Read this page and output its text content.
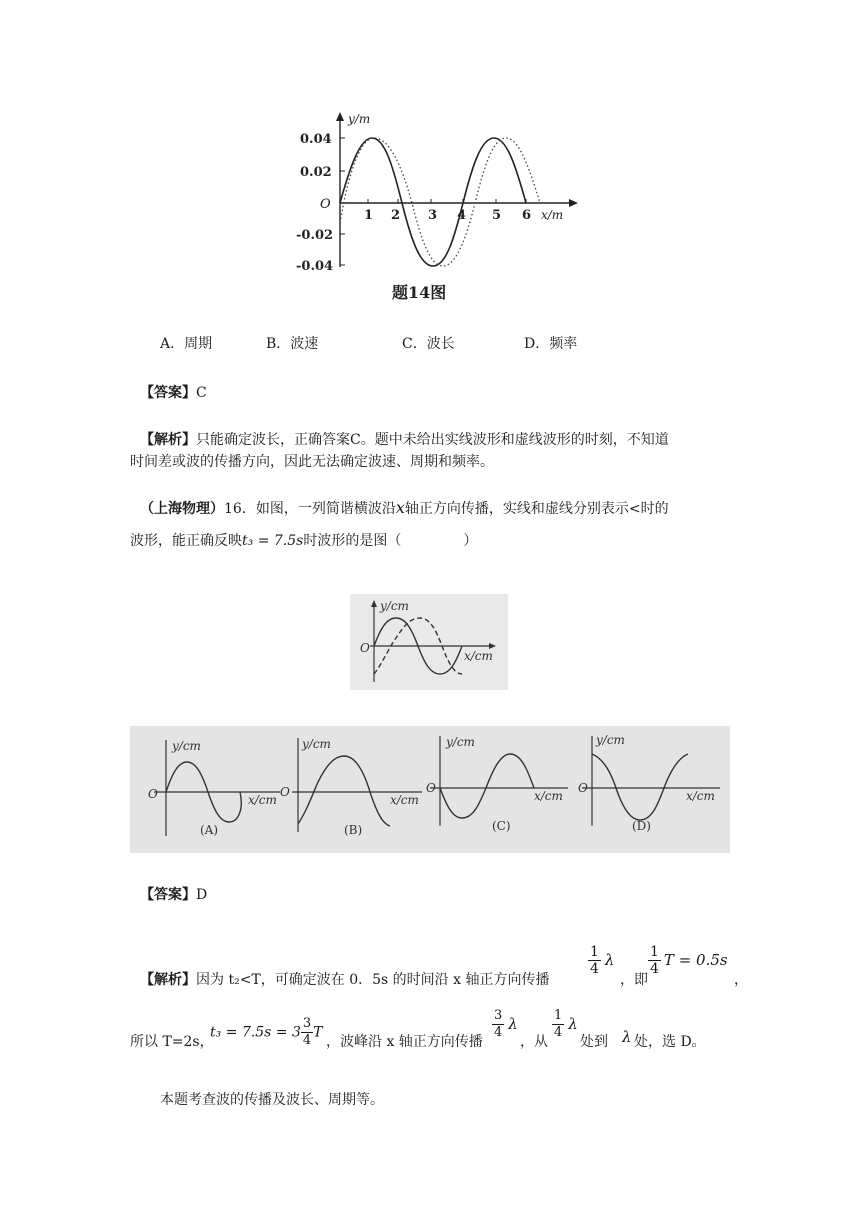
y/m
x/m
O
0.04
0.02
-0.02
-0.04
1 2 3 4 5 6
题14图
A．周期	B．波速	C．波长	D．频率
【答案】C
【解析】只能确定波长，正确答案C。题中未给出实线波形和虚线波形的时刻，不知道
时间差或波的传播方向，因此无法确定波速、周期和频率。
（上海物理）16．如图，一列简谐横波沿x轴正方向传播，实线和虚线分别表示<时的
波形，能正确反映t₃ = 7.5s时波形的是图（	）
y/cm
x/cm
O
y/cm
x/cm
O
(A)
y/cm
x/cm
O
(B)
y/cm
x/cm
O
(C)
y/cm
x/cm
O
(D)
【答案】D
【解析】因为 t₂<T，可确定波在 0．5s 的时间沿 x 轴正方向传播
$\frac{1}{4}$ λ
，即
$\frac{1}{4}$ T = 0.5s
，
所以 T=2s，
$t_3 = 7.5s = 3 \frac{3}{4}$ T
，波峰沿 x 轴正方向传播
$\frac{3}{4}$ λ
，从
$\frac{1}{4}$ λ
处到 λ 处，选 D。
本题考查波的传播及波长、周期等。
